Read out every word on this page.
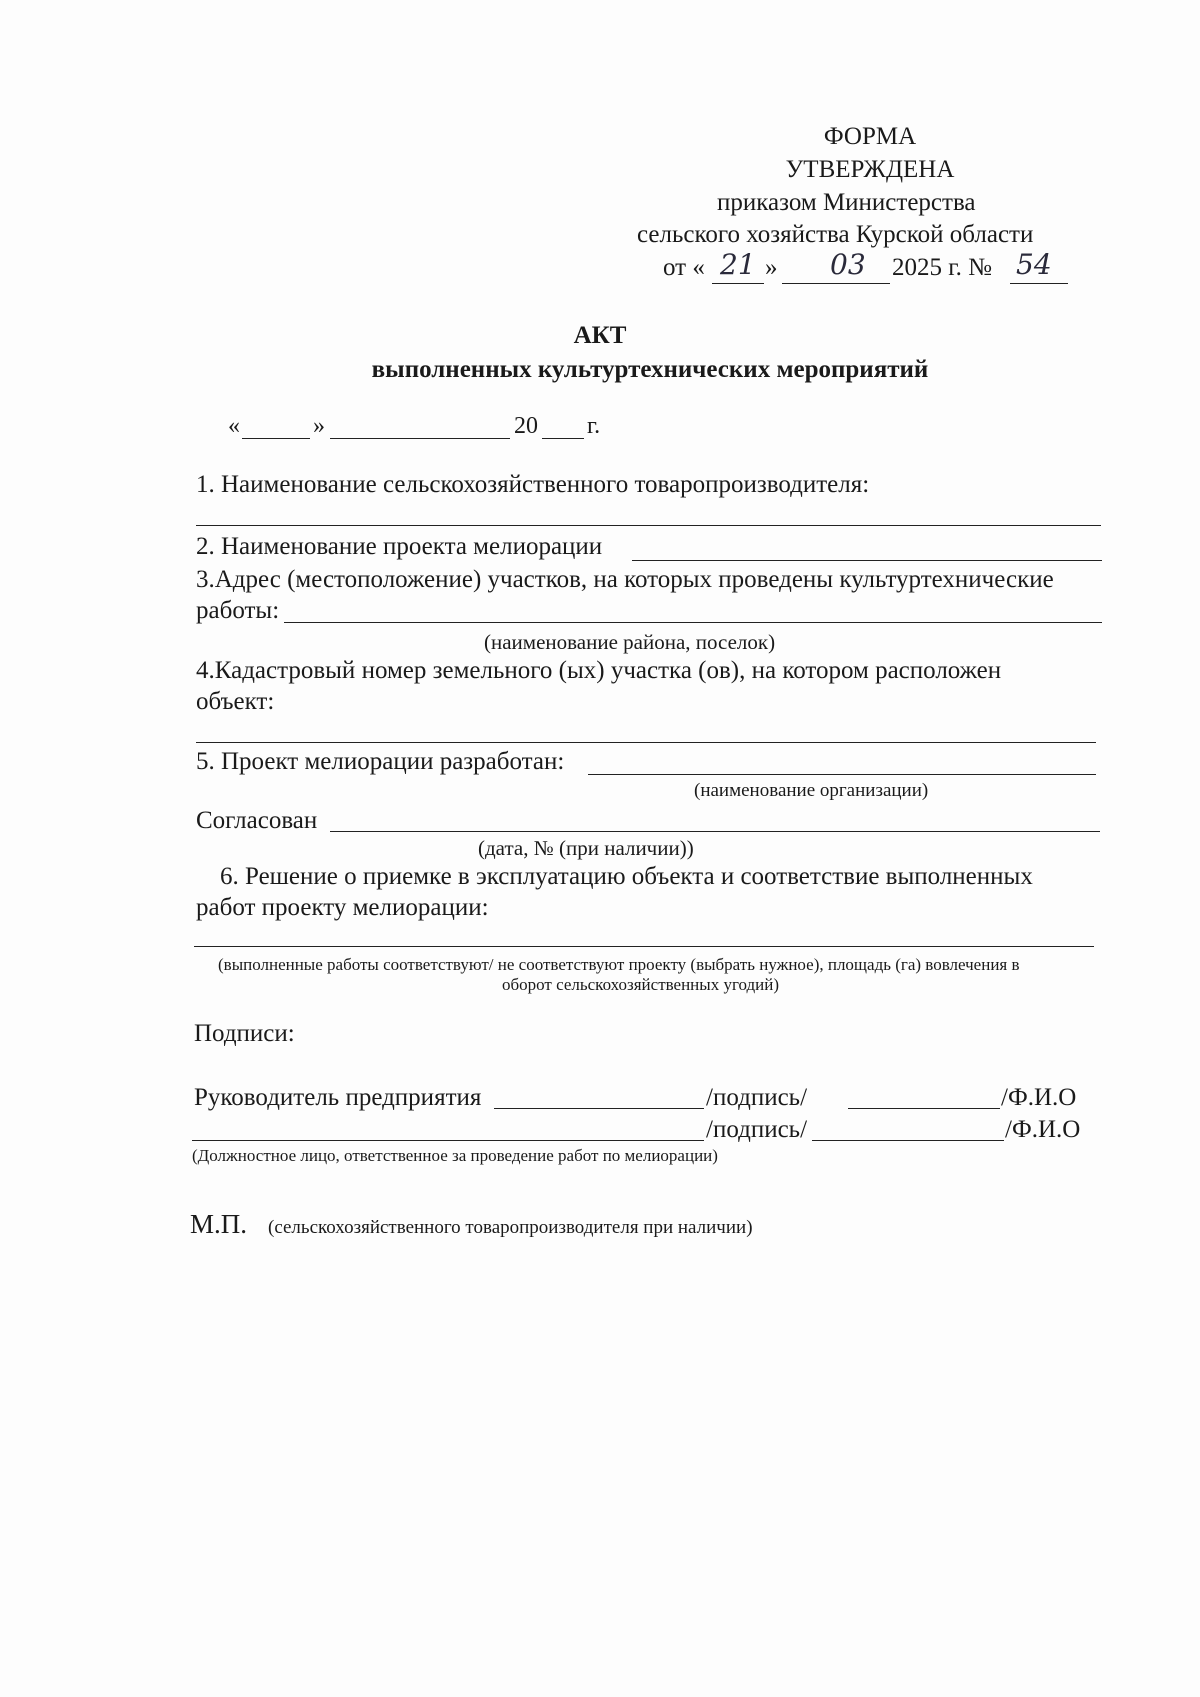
ФОРМА
УТВЕРЖДЕНА
приказом Министерства
сельского хозяйства Курской области
от « 21 » 03 2025 г. № 54
АКТ
выполненных культуртехнических мероприятий
«	»	20 г.
1. Наименование сельскохозяйственного товаропроизводителя:
2. Наименование проекта мелиорации
3.Адрес (местоположение) участков, на которых проведены культуртехнические
работы:
(наименование района, поселок)
4.Кадастровый номер земельного (ых) участка (ов), на котором расположен
объект:
5. Проект мелиорации разработан:
(наименование организации)
Согласован
(дата, № (при наличии))
6. Решение о приемке в эксплуатацию объекта и соответствие выполненных
работ проекту мелиорации:
(выполненные работы соответствуют/ не соответствуют проекту (выбрать нужное), площадь (га) вовлечения в
оборот сельскохозяйственных угодий)
Подписи:
Руководитель предприятия	/подпись/	/Ф.И.О
/подпись/	/Ф.И.О
(Должностное лицо, ответственное за проведение работ по мелиорации)
М.П. (сельскохозяйственного товаропроизводителя при наличии)
